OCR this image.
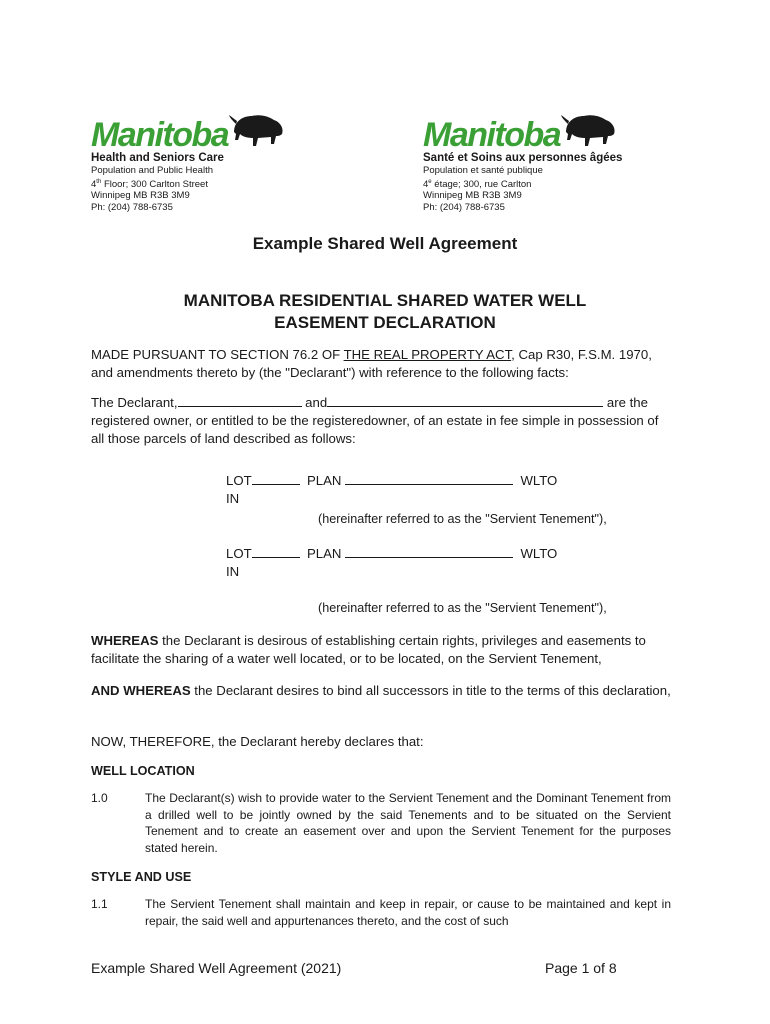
Manitoba
Health and Seniors Care
Population and Public Health
4th Floor; 300 Carlton Street
Winnipeg MB R3B 3M9
Ph: (204) 788-6735
Manitoba
Santé et Soins aux personnes âgées
Population et santé publique
4e étage; 300, rue Carlton
Winnipeg MB R3B 3M9
Ph: (204) 788-6735
Example Shared Well Agreement
MANITOBA RESIDENTIAL SHARED WATER WELL
EASEMENT DECLARATION
MADE PURSUANT TO SECTION 76.2 OF THE REAL PROPERTY ACT, Cap R30, F.S.M. 1970, and amendments thereto by (the "Declarant") with reference to the following facts:
The Declarant,	and	are the registered owner, or entitled to be the registeredowner, of an estate in fee simple in possession of all those parcels of land described as follows:
LOT	PLAN	WLTO
IN
(hereinafter referred to as the "Servient Tenement"),
LOT	PLAN	WLTO
IN
(hereinafter referred to as the "Servient Tenement"),
WHEREAS the Declarant is desirous of establishing certain rights, privileges and easements to facilitate the sharing of a water well located, or to be located, on the Servient Tenement,
AND WHEREAS the Declarant desires to bind all successors in title to the terms of this declaration,
NOW, THEREFORE, the Declarant hereby declares that:
WELL LOCATION
1.0	The Declarant(s) wish to provide water to the Servient Tenement and the Dominant Tenement from a drilled well to be jointly owned by the said Tenements and to be situated on the Servient Tenement and to create an easement over and upon the Servient Tenement for the purposes stated herein.
STYLE AND USE
1.1	The Servient Tenement shall maintain and keep in repair, or cause to be maintained and kept in repair, the said well and appurtenances thereto, and the cost of such
Example Shared Well Agreement (2021)	Page 1 of 8
